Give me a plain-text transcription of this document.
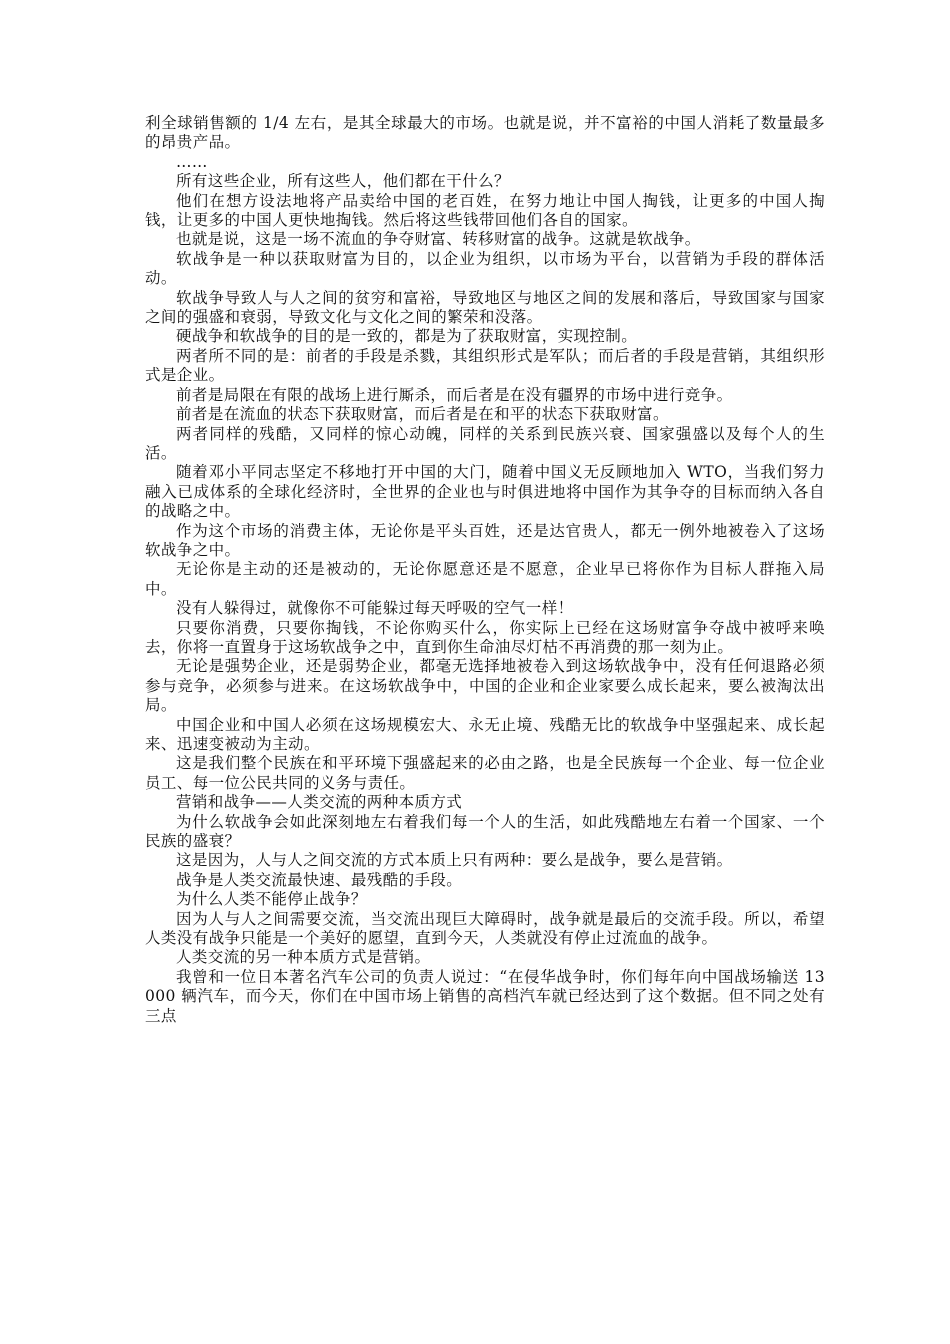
利全球销售额的 1/4 左右，是其全球最大的市场。也就是说，并不富裕的中国人消耗了数量最多的昂贵产品。

……

所有这些企业，所有这些人，他们都在干什么？

他们在想方设法地将产品卖给中国的老百姓，在努力地让中国人掏钱，让更多的中国人掏钱，让更多的中国人更快地掏钱。然后将这些钱带回他们各自的国家。

也就是说，这是一场不流血的争夺财富、转移财富的战争。这就是软战争。

软战争是一种以获取财富为目的，以企业为组织，以市场为平台，以营销为手段的群体活动。

软战争导致人与人之间的贫穷和富裕，导致地区与地区之间的发展和落后，导致国家与国家之间的强盛和衰弱，导致文化与文化之间的繁荣和没落。

硬战争和软战争的目的是一致的，都是为了获取财富，实现控制。

两者所不同的是：前者的手段是杀戮，其组织形式是军队；而后者的手段是营销，其组织形式是企业。

前者是局限在有限的战场上进行厮杀，而后者是在没有疆界的市场中进行竞争。

前者是在流血的状态下获取财富，而后者是在和平的状态下获取财富。

两者同样的残酷，又同样的惊心动魄，同样的关系到民族兴衰、国家强盛以及每个人的生活。

随着邓小平同志坚定不移地打开中国的大门，随着中国义无反顾地加入 WTO，当我们努力融入已成体系的全球化经济时，全世界的企业也与时俱进地将中国作为其争夺的目标而纳入各自的战略之中。

作为这个市场的消费主体，无论你是平头百姓，还是达官贵人，都无一例外地被卷入了这场软战争之中。

无论你是主动的还是被动的，无论你愿意还是不愿意，企业早已将你作为目标人群拖入局中。

没有人躲得过，就像你不可能躲过每天呼吸的空气一样！

只要你消费，只要你掏钱，不论你购买什么，你实际上已经在这场财富争夺战中被呼来唤去，你将一直置身于这场软战争之中，直到你生命油尽灯枯不再消费的那一刻为止。

无论是强势企业，还是弱势企业，都毫无选择地被卷入到这场软战争中，没有任何退路必须参与竞争，必须参与进来。在这场软战争中，中国的企业和企业家要么成长起来，要么被淘汰出局。

中国企业和中国人必须在这场规模宏大、永无止境、残酷无比的软战争中坚强起来、成长起来、迅速变被动为主动。

这是我们整个民族在和平环境下强盛起来的必由之路，也是全民族每一个企业、每一位企业员工、每一位公民共同的义务与责任。

营销和战争——人类交流的两种本质方式

为什么软战争会如此深刻地左右着我们每一个人的生活，如此残酷地左右着一个国家、一个民族的盛衰？

这是因为，人与人之间交流的方式本质上只有两种：要么是战争，要么是营销。

战争是人类交流最快速、最残酷的手段。

为什么人类不能停止战争？

因为人与人之间需要交流，当交流出现巨大障碍时，战争就是最后的交流手段。所以，希望人类没有战争只能是一个美好的愿望，直到今天，人类就没有停止过流血的战争。

人类交流的另一种本质方式是营销。

我曾和一位日本著名汽车公司的负责人说过：“在侵华战争时，你们每年向中国战场输送 13 000 辆汽车，而今天，你们在中国市场上销售的高档汽车就已经达到了这个数据。但不同之处有三点
